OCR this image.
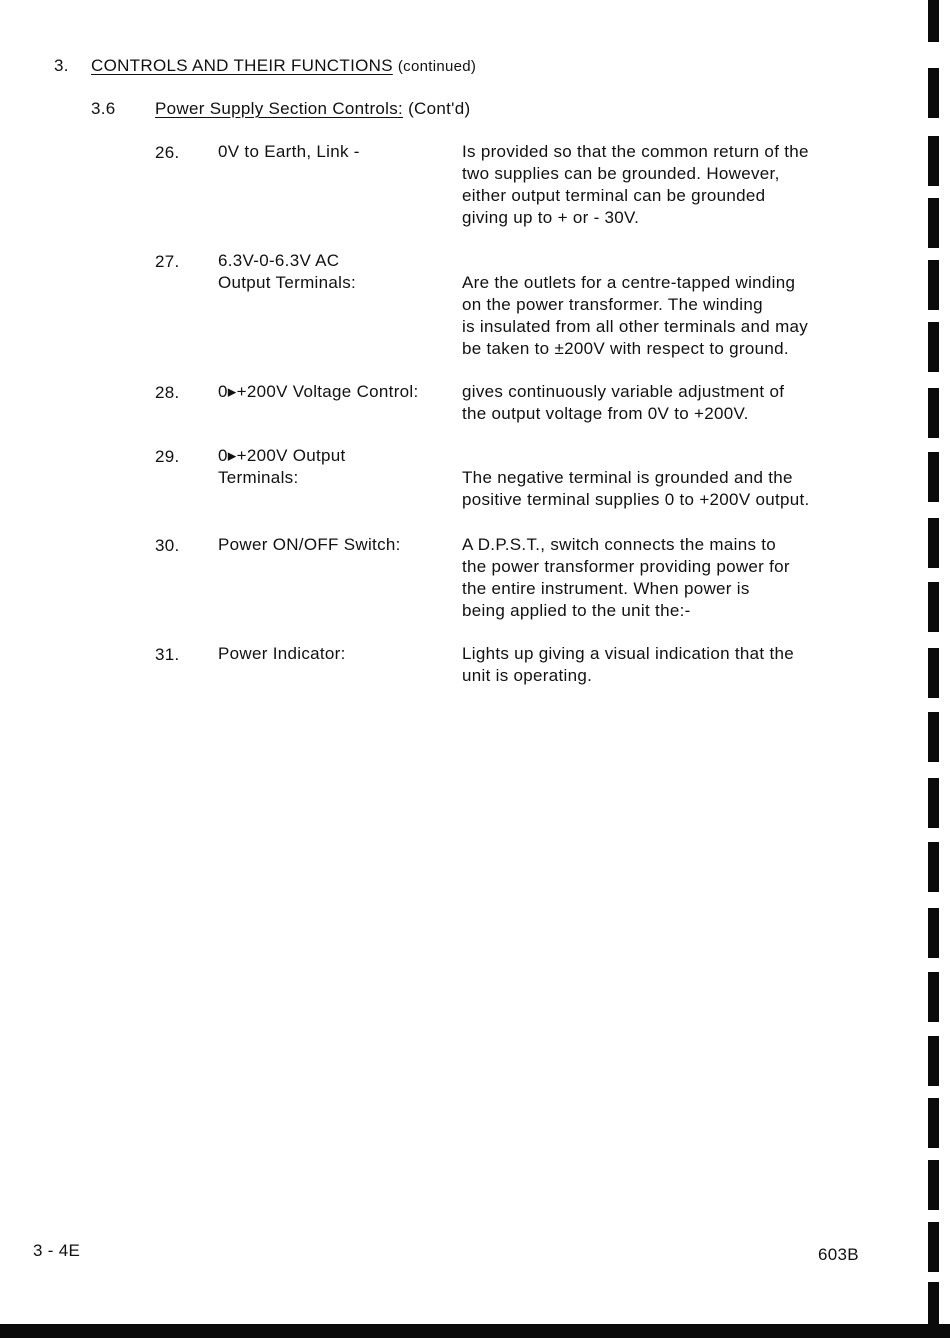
3. CONTROLS AND THEIR FUNCTIONS (continued)
3.6 Power Supply Section Controls: (Cont'd)
26. 0V to Earth, Link -	Is provided so that the common return of the
two supplies can be grounded. However,
either output terminal can be grounded
giving up to + or - 30V.
27. 6.3V-0-6.3V AC
Output Terminals:	Are the outlets for a centre-tapped winding
on the power transformer. The winding
is insulated from all other terminals and may
be taken to ±200V with respect to ground.
28. 0▸+200V Voltage Control:	gives continuously variable adjustment of
the output voltage from 0V to +200V.
29. 0▸+200V Output
Terminals:	The negative terminal is grounded and the
positive terminal supplies 0 to +200V output.
30. Power ON/OFF Switch:	A D.P.S.T., switch connects the mains to
the power transformer providing power for
the entire instrument. When power is
being applied to the unit the:-
31. Power Indicator:	Lights up giving a visual indication that the
unit is operating.
3 - 4E	603B
